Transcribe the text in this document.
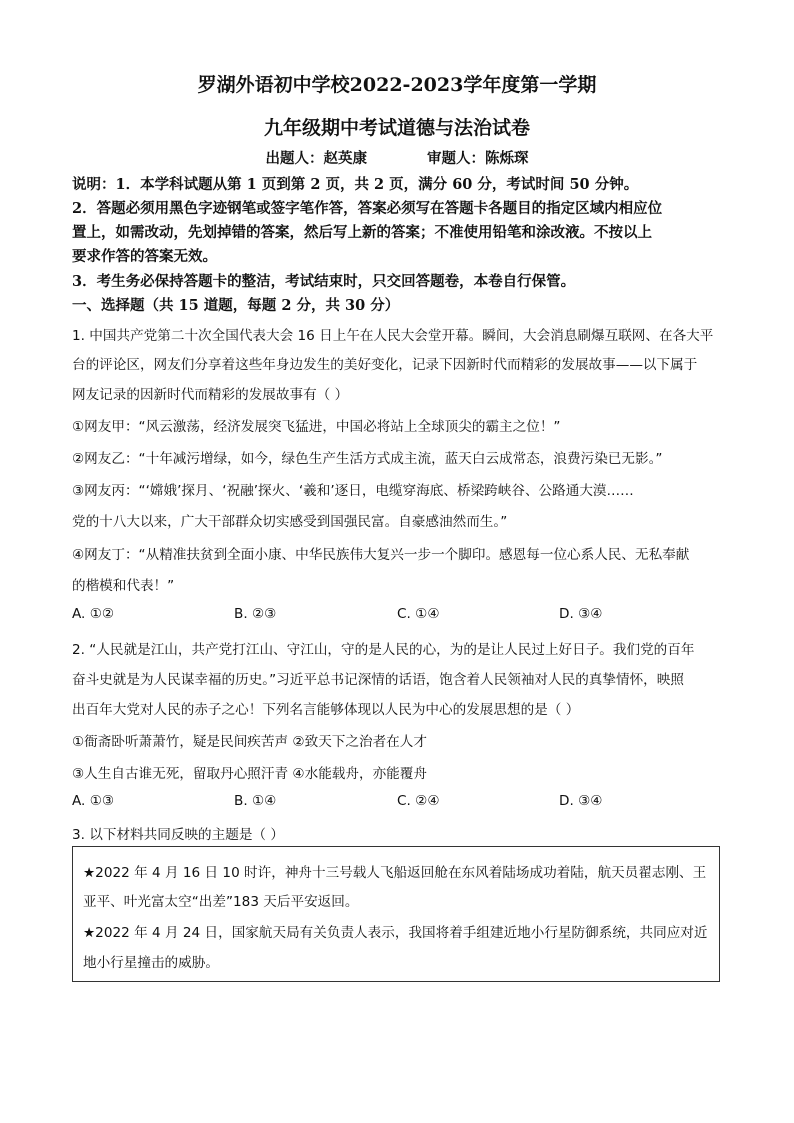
罗湖外语初中学校2022-2023学年度第一学期
九年级期中考试道德与法治试卷
出题人：赵英康	审题人：陈烁琛
说明：1．本学科试题从第 1 页到第 2 页，共 2 页，满分 60 分，考试时间 50 分钟。
2．答题必须用黑色字迹钢笔或签字笔作答，答案必须写在答题卡各题目的指定区域内相应位
置上，如需改动，先划掉错的答案，然后写上新的答案；不准使用铅笔和涂改液。不按以上
要求作答的答案无效。
3．考生务必保持答题卡的整洁，考试结束时，只交回答题卷，本卷自行保管。
一、选择题（共 15 道题，每题 2 分，共 30 分）
1. 中国共产党第二十次全国代表大会 16 日上午在人民大会堂开幕。瞬间，大会消息刷爆互联网、在各大平
台的评论区，网友们分享着这些年身边发生的美好变化，记录下因新时代而精彩的发展故事——以下属于
网友记录的因新时代而精彩的发展故事有（ ）
①网友甲：“风云激荡，经济发展突飞猛进，中国必将站上全球顶尖的霸主之位！”
②网友乙：“十年减污增绿，如今，绿色生产生活方式成主流，蓝天白云成常态，浪费污染已无影。”
③网友丙：“‘嫦娥’探月、‘祝融’探火、‘羲和’逐日，电缆穿海底、桥梁跨峡谷、公路通大漠……
党的十八大以来，广大干部群众切实感受到国强民富。自豪感油然而生。”
④网友丁：“从精准扶贫到全面小康、中华民族伟大复兴一步一个脚印。感恩每一位心系人民、无私奉献
的楷模和代表！”
A. ①②	B. ②③	C. ①④	D. ③④
2. “人民就是江山，共产党打江山、守江山，守的是人民的心，为的是让人民过上好日子。我们党的百年
奋斗史就是为人民谋幸福的历史。”习近平总书记深情的话语，饱含着人民领袖对人民的真挚情怀，映照
出百年大党对人民的赤子之心！下列名言能够体现以人民为中心的发展思想的是（ ）
①衙斋卧听萧萧竹，疑是民间疾苦声 ②致天下之治者在人才
③人生自古谁无死，留取丹心照汗青 ④水能载舟，亦能覆舟
A. ①③	B. ①④	C. ②④	D. ③④
3. 以下材料共同反映的主题是（ ）
★2022 年 4 月 16 日 10 时许，神舟十三号载人飞船返回舱在东风着陆场成功着陆，航天员翟志刚、王
亚平、叶光富太空“出差”183 天后平安返回。
★2022 年 4 月 24 日，国家航天局有关负责人表示，我国将着手组建近地小行星防御系统，共同应对近
地小行星撞击的威胁。
